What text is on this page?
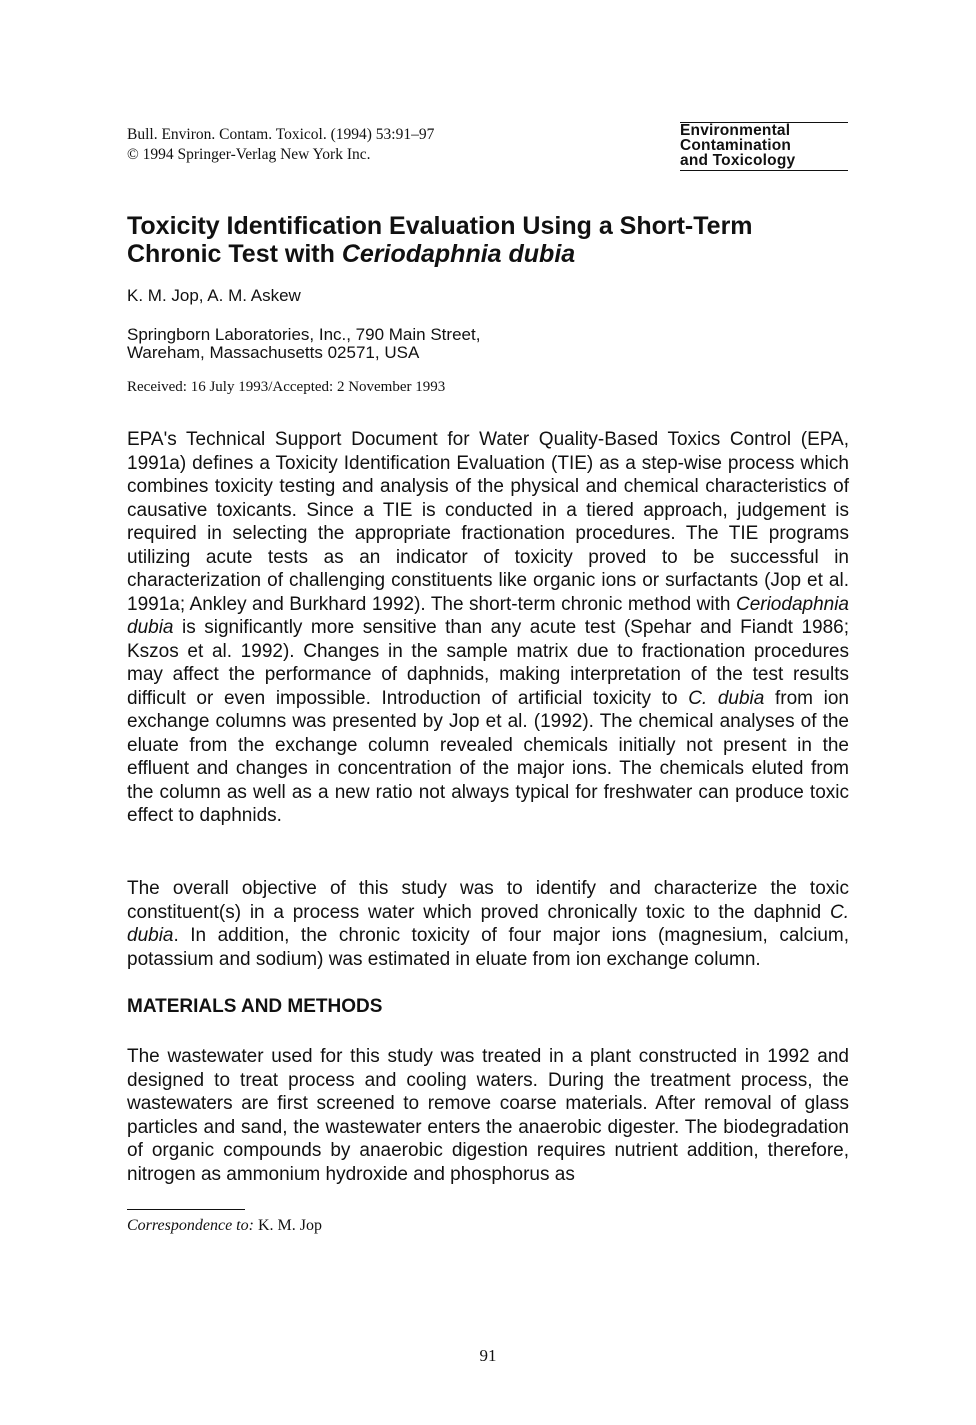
Bull. Environ. Contam. Toxicol. (1994) 53:91–97
© 1994 Springer-Verlag New York Inc.
Environmental
Contamination
and Toxicology
Toxicity Identification Evaluation Using a Short-Term
Chronic Test with Ceriodaphnia dubia
K. M. Jop, A. M. Askew
Springborn Laboratories, Inc., 790 Main Street,
Wareham, Massachusetts 02571, USA
Received: 16 July 1993/Accepted: 2 November 1993
EPA's Technical Support Document for Water Quality-Based Toxics Control (EPA, 1991a) defines a Toxicity Identification Evaluation (TIE) as a step-wise process which combines toxicity testing and analysis of the physical and chemical characteristics of causative toxicants. Since a TIE is conducted in a tiered approach, judgement is required in selecting the appropriate fractionation procedures. The TIE programs utilizing acute tests as an indicator of toxicity proved to be successful in characterization of challenging constituents like organic ions or surfactants (Jop et al. 1991a; Ankley and Burkhard 1992). The short-term chronic method with Ceriodaphnia dubia is significantly more sensitive than any acute test (Spehar and Fiandt 1986; Kszos et al. 1992). Changes in the sample matrix due to fractionation procedures may affect the performance of daphnids, making interpretation of the test results difficult or even impossible. Introduction of artificial toxicity to C. dubia from ion exchange columns was presented by Jop et al. (1992). The chemical analyses of the eluate from the exchange column revealed chemicals initially not present in the effluent and changes in concentration of the major ions. The chemicals eluted from the column as well as a new ratio not always typical for freshwater can produce toxic effect to daphnids.
The overall objective of this study was to identify and characterize the toxic constituent(s) in a process water which proved chronically toxic to the daphnid C. dubia. In addition, the chronic toxicity of four major ions (magnesium, calcium, potassium and sodium) was estimated in eluate from ion exchange column.
MATERIALS AND METHODS
The wastewater used for this study was treated in a plant constructed in 1992 and designed to treat process and cooling waters. During the treatment process, the wastewaters are first screened to remove coarse materials. After removal of glass particles and sand, the wastewater enters the anaerobic digester. The biodegradation of organic compounds by anaerobic digestion requires nutrient addition, therefore, nitrogen as ammonium hydroxide and phosphorus as
Correspondence to: K. M. Jop
91
